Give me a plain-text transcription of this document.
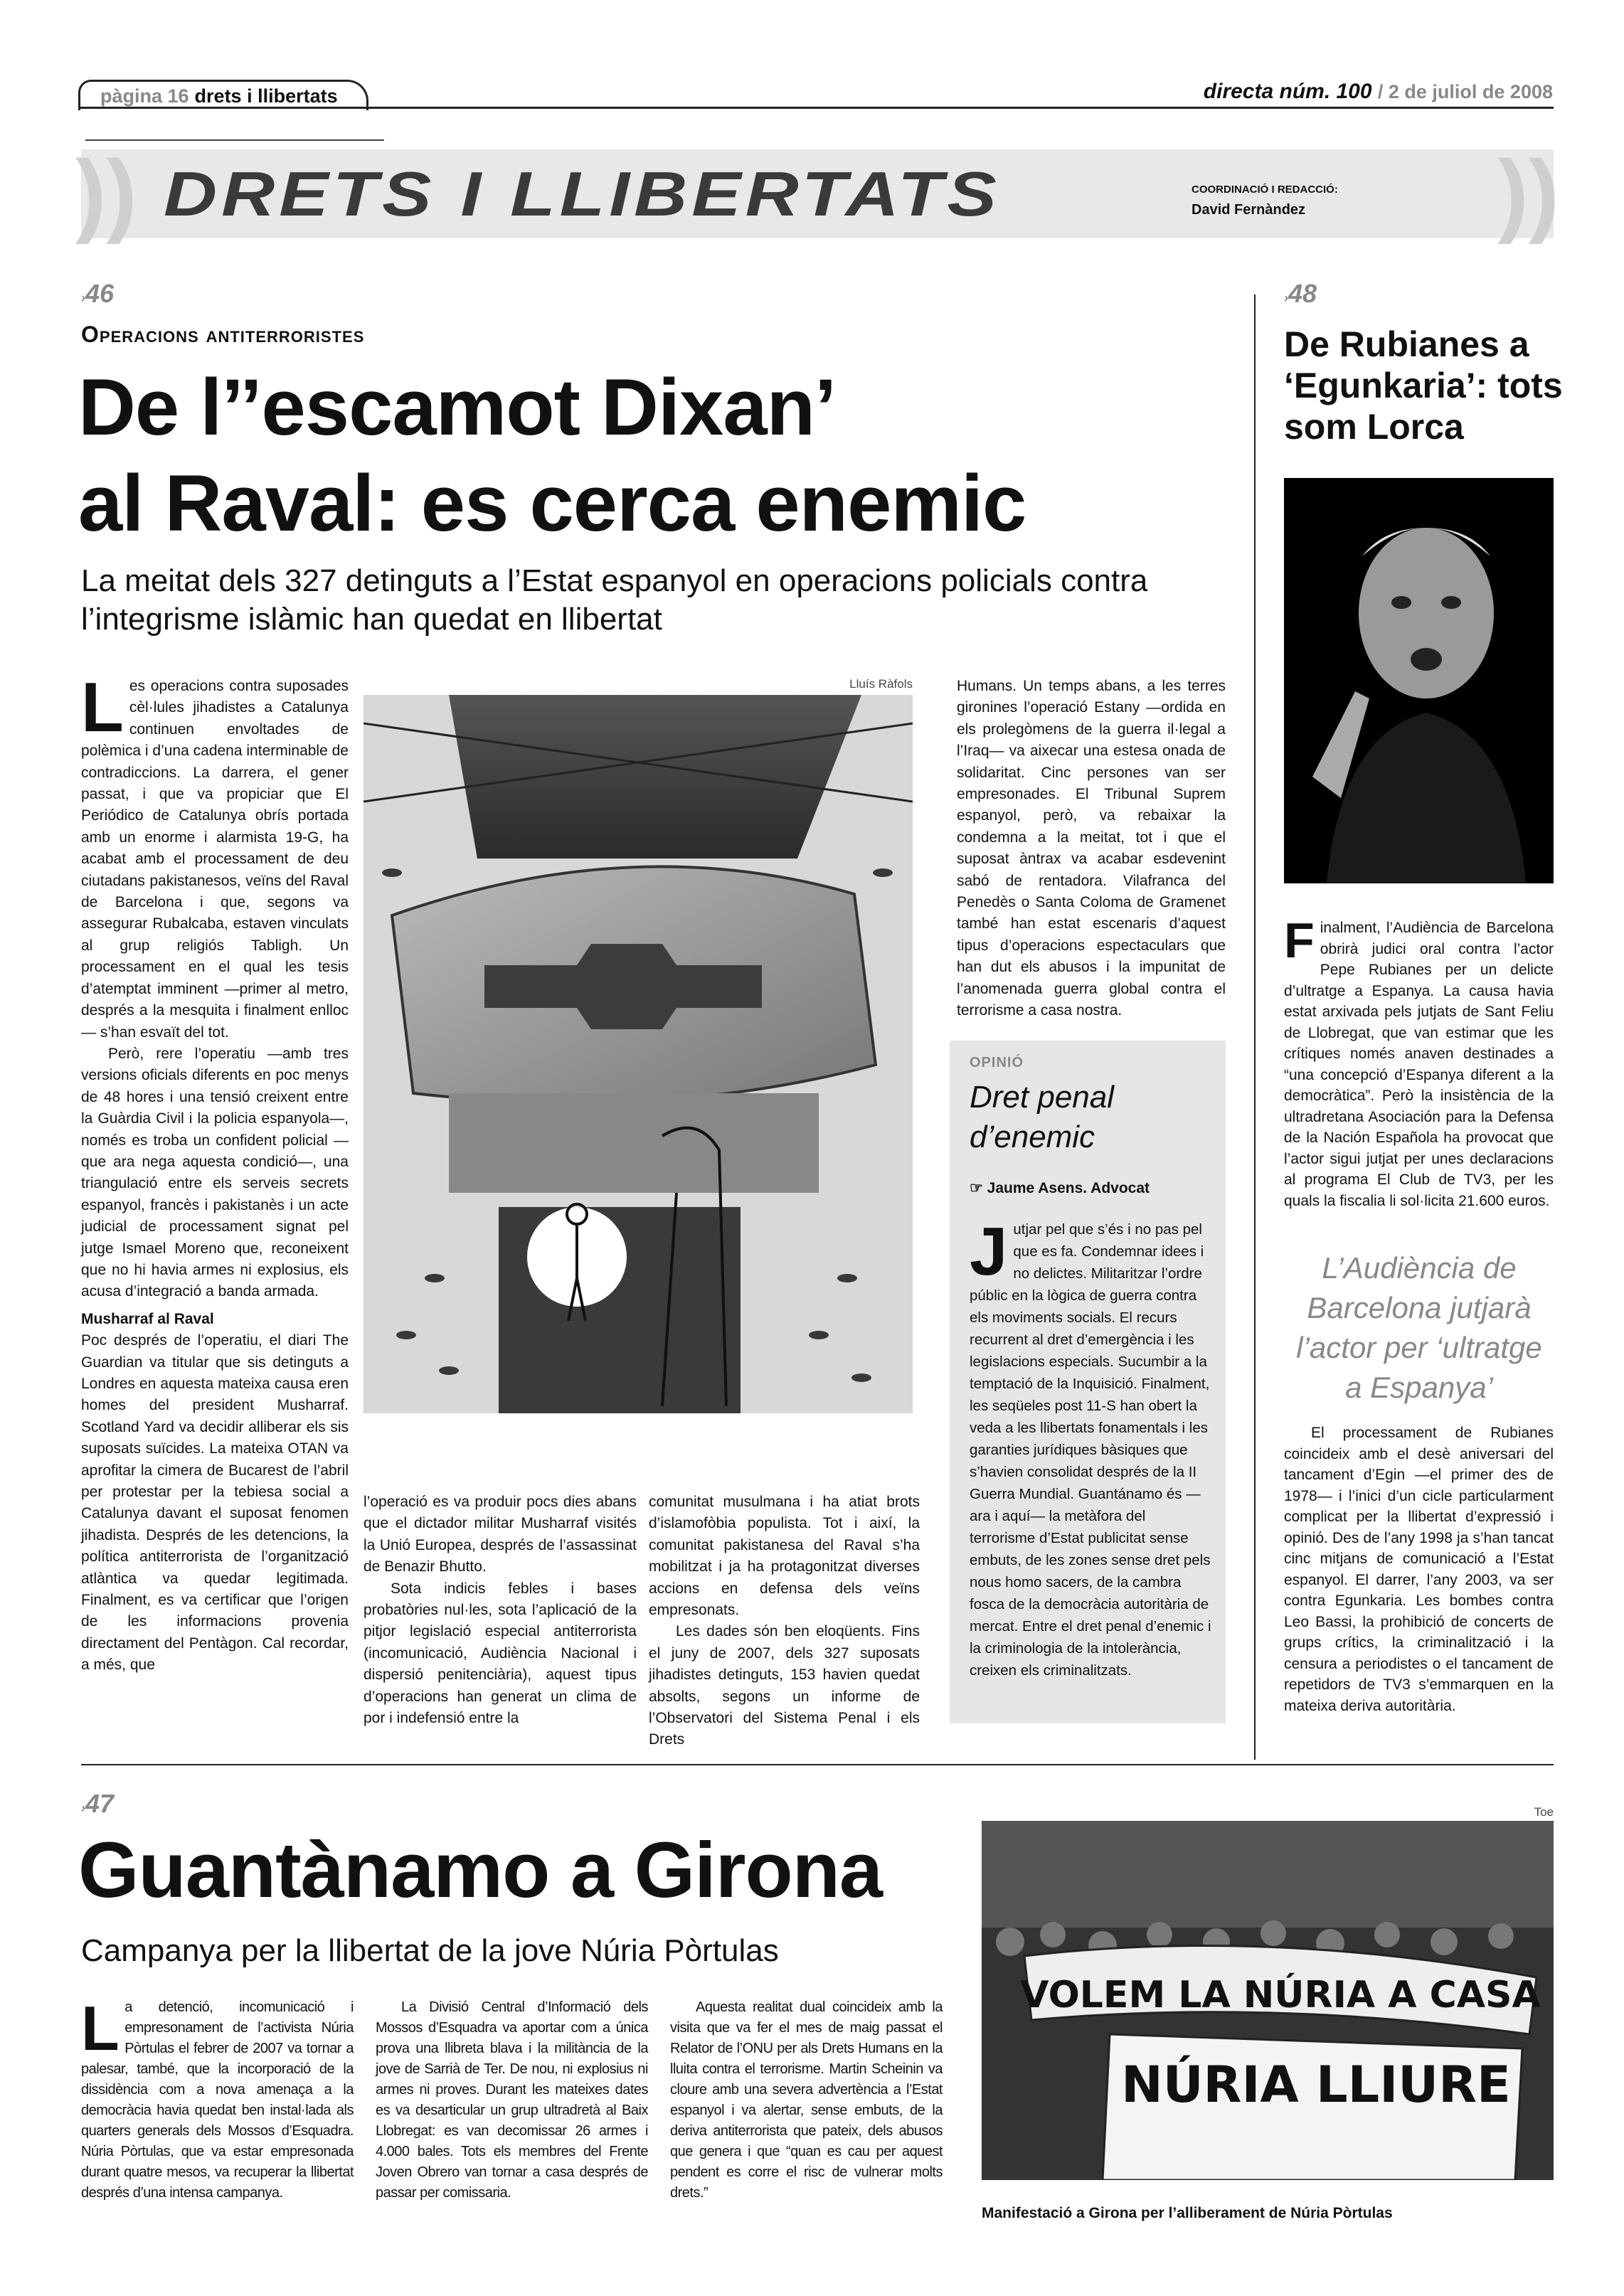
pàgina 16 drets i llibertats	directa núm. 100 / 2 de juliol de 2008
))	))
DRETS I LLIBERTATS	COORDINACIÓ I REDACCIÓ:
David Fernàndez
›46
Operacions antiterroristes
De l’’escamot Dixan’
al Raval: es cerca enemic
La meitat dels 327 detinguts a l’Estat espanyol en operacions policials contra l’integrisme islàmic han quedat en llibertat

Les operacions contra suposades cèl·lules jihadistes a Catalunya continuen envoltades de polèmica i d’una cadena interminable de contradiccions. La darrera, el gener passat, i que va propiciar que El Periódico de Catalunya obrís portada amb un enorme i alarmista 19-G, ha acabat amb el processament de deu ciutadans pakistanesos, veïns del Raval de Barcelona i que, segons va assegurar Rubalcaba, estaven vinculats al grup religiós Tabligh. Un processament en el qual les tesis d’atemptat imminent —primer al metro, després a la mesquita i finalment enlloc— s’han esvaït del tot.

Però, rere l’operatiu —amb tres versions oficials diferents en poc menys de 48 hores i una tensió creixent entre la Guàrdia Civil i la policia espanyola—, només es troba un confident policial —que ara nega aquesta condició—, una triangulació entre els serveis secrets espanyol, francès i pakistanès i un acte judicial de processament signat pel jutge Ismael Moreno que, reconeixent que no hi havia armes ni explosius, els acusa d’integració a banda armada.

Musharraf al Raval

Poc després de l’operatiu, el diari The Guardian va titular que sis detinguts a Londres en aquesta mateixa causa eren homes del president Musharraf. Scotland Yard va decidir alliberar els sis suposats suïcides. La mateixa OTAN va aprofitar la cimera de Bucarest de l’abril per protestar per la tebiesa social a Catalunya davant el suposat fenomen jihadista. Després de les detencions, la política antiterrorista de l’organització atlàntica va quedar legitimada. Finalment, es va certificar que l’origen de les informacions provenia directament del Pentàgon. Cal recordar, a més, que

Lluís Ràfols

l’operació es va produir pocs dies abans que el dictador militar Musharraf visités la Unió Europea, després de l’assassinat de Benazir Bhutto.

Sota indicis febles i bases probatòries nul·les, sota l’aplicació de la pitjor legislació especial antiterrorista (incomunicació, Audiència Nacional i dispersió penitenciària), aquest tipus d’operacions han generat un clima de por i indefensió entre la

comunitat musulmana i ha atiat brots d’islamofòbia populista. Tot i així, la comunitat pakistanesa del Raval s’ha mobilitzat i ja ha protagonitzat diverses accions en defensa dels veïns empresonats.

Les dades són ben eloqüents. Fins el juny de 2007, dels 327 suposats jihadistes detinguts, 153 havien quedat absolts, segons un informe de l’Observatori del Sistema Penal i els Drets

Humans. Un temps abans, a les terres gironines l’operació Estany —ordida en els prolegòmens de la guerra il·legal a l’Iraq— va aixecar una estesa onada de solidaritat. Cinc persones van ser empresonades. El Tribunal Suprem espanyol, però, va rebaixar la condemna a la meitat, tot i que el suposat àntrax va acabar esdevenint sabó de rentadora. Vilafranca del Penedès o Santa Coloma de Gramenet també han estat escenaris d’aquest tipus d’operacions espectaculars que han dut els abusos i la impunitat de l’anomenada guerra global contra el terrorisme a casa nostra.

OPINIÓ
Dret penal d’enemic
☞ Jaume Asens. Advocat
Jutjar pel que s’és i no pas pel que es fa. Condemnar idees i no delictes. Militaritzar l’ordre públic en la lògica de guerra contra els moviments socials. El recurs recurrent al dret d’emergència i les legislacions especials. Sucumbir a la temptació de la Inquisició. Finalment, les seqüeles post 11-S han obert la veda a les llibertats fonamentals i les garanties jurídiques bàsiques que s’havien consolidat després de la II Guerra Mundial. Guantánamo és —ara i aquí— la metàfora del terrorisme d’Estat publicitat sense embuts, de les zones sense dret pels nous homo sacers, de la cambra fosca de la democràcia autoritària de mercat. Entre el dret penal d’enemic i la criminologia de la intolerància, creixen els criminalitzats.
›48
De Rubianes a ‘Egunkaria’: tots som Lorca

Finalment, l’Audiència de Barcelona obrirà judici oral contra l’actor Pepe Rubianes per un delicte d’ultratge a Espanya. La causa havia estat arxivada pels jutjats de Sant Feliu de Llobregat, que van estimar que les crítiques només anaven destinades a “una concepció d’Espanya diferent a la democràtica”. Però la insistència de la ultradretana Asociación para la Defensa de la Nación Española ha provocat que l’actor sigui jutjat per unes declaracions al programa El Club de TV3, per les quals la fiscalia li sol·licita 21.600 euros.

L’Audiència de Barcelona jutjarà l’actor per ‘ultratge a Espanya’

El processament de Rubianes coincideix amb el desè aniversari del tancament d’Egin —el primer des de 1978— i l’inici d’un cicle particularment complicat per la llibertat d’expressió i opinió. Des de l’any 1998 ja s’han tancat cinc mitjans de comunicació a l’Estat espanyol. El darrer, l’any 2003, va ser contra Egunkaria. Les bombes contra Leo Bassi, la prohibició de concerts de grups crítics, la criminalització i la censura a periodistes o el tancament de repetidors de TV3 s’emmarquen en la mateixa deriva autoritària.

›47
Guantànamo a Girona
Campanya per la llibertat de la jove Núria Pòrtulas

La detenció, incomunicació i empresonament de l’activista Núria Pòrtulas el febrer de 2007 va tornar a palesar, també, que la incorporació de la dissidència com a nova amenaça a la democràcia havia quedat ben instal·lada als quarters generals dels Mossos d’Esquadra. Núria Pòrtulas, que va estar empresonada durant quatre mesos, va recuperar la llibertat després d’una intensa campanya.

La Divisió Central d’Informació dels Mossos d’Esquadra va aportar com a única prova una llibreta blava i la militància de la jove de Sarrià de Ter. De nou, ni explosius ni armes ni proves. Durant les mateixes dates es va desarticular un grup ultradretà al Baix Llobregat: es van decomissar 26 armes i 4.000 bales. Tots els membres del Frente Joven Obrero van tornar a casa després de passar per comissaria.

Aquesta realitat dual coincideix amb la visita que va fer el mes de maig passat el Relator de l’ONU per als Drets Humans en la lluita contra el terrorisme. Martin Scheinin va cloure amb una severa advertència a l’Estat espanyol i va alertar, sense embuts, de la deriva antiterrorista que pateix, dels abusos que genera i que “quan es cau per aquest pendent es corre el risc de vulnerar molts drets.”

Toe
VOLEM LA NÚRIA A CASA
NÚRIA LLIURE
Manifestació a Girona per l’alliberament de Núria Pòrtulas
